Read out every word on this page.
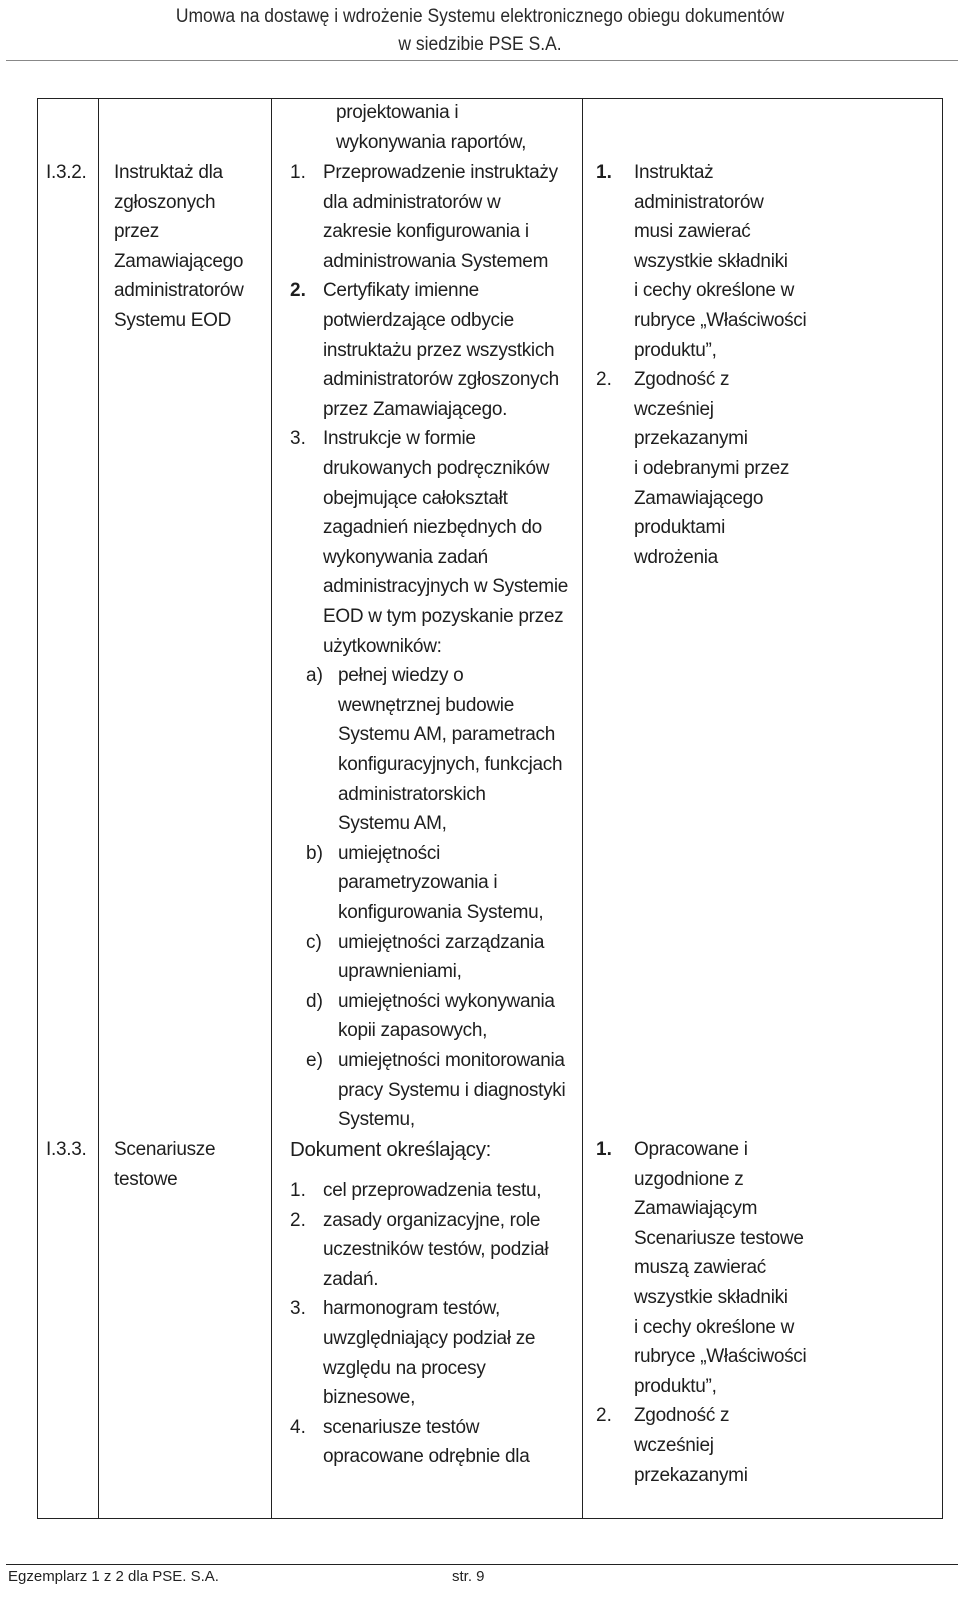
Umowa na dostawę i wdrożenie Systemu elektronicznego obiegu dokumentów
w siedzibie PSE S.A.
I.3.2. Instruktaż dla
zgłoszonych
przez
Zamawiającego
administratorów
Systemu EOD
projektowania i
wykonywania raportów,
1. Przeprowadzenie instruktaży
dla administratorów w
zakresie konfigurowania i
administrowania Systemem
2. Certyfikaty imienne
potwierdzające odbycie
instruktażu przez wszystkich
administratorów zgłoszonych
przez Zamawiającego.
3. Instrukcje w formie
drukowanych podręczników
obejmujące całokształt
zagadnień niezbędnych do
wykonywania zadań
administracyjnych w Systemie
EOD w tym pozyskanie przez
użytkowników:
a) pełnej wiedzy o
wewnętrznej budowie
Systemu AM, parametrach
konfiguracyjnych, funkcjach
administratorskich
Systemu AM,
b) umiejętności
parametryzowania i
konfigurowania Systemu,
c) umiejętności zarządzania
uprawnieniami,
d) umiejętności wykonywania
kopii zapasowych,
e) umiejętności monitorowania
pracy Systemu i diagnostyki
Systemu,
1. Instruktaż
administratorów
musi zawierać
wszystkie składniki
i cechy określone w
rubryce „Właściwości
produktu”,
2. Zgodność z
wcześniej
przekazanymi
i odebranymi przez
Zamawiającego
produktami
wdrożenia
I.3.3. Scenariusze
testowe
Dokument określający:
1. cel przeprowadzenia testu,
2. zasady organizacyjne, role
uczestników testów, podział
zadań.
3. harmonogram testów,
uwzględniający podział ze
względu na procesy
biznesowe,
4. scenariusze testów
opracowane odrębnie dla
1. Opracowane i
uzgodnione z
Zamawiającym
Scenariusze testowe
muszą zawierać
wszystkie składniki
i cechy określone w
rubryce „Właściwości
produktu”,
2. Zgodność z
wcześniej
przekazanymi
Egzemplarz 1 z 2 dla PSE. S.A.	str. 9
